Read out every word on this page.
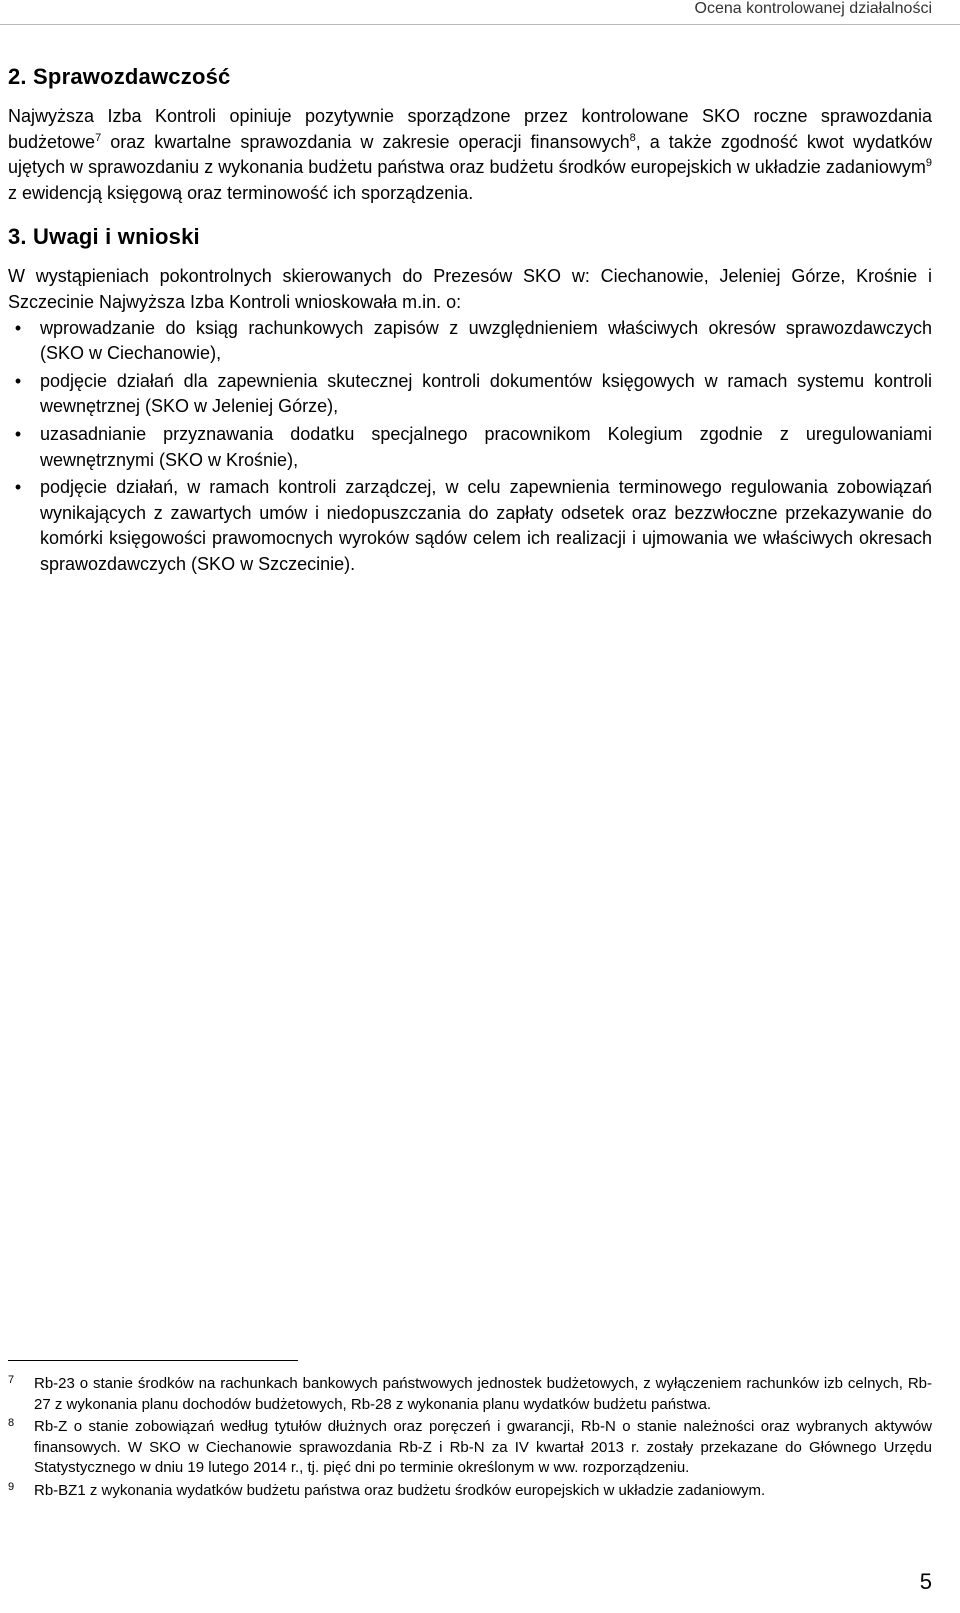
Ocena kontrolowanej działalności
2. Sprawozdawczość

Najwyższa Izba Kontroli opiniuje pozytywnie sporządzone przez kontrolowane SKO roczne sprawozdania budżetowe$^7$ oraz kwartalne sprawozdania w zakresie operacji finansowych$^8$, a także zgodność kwot wydatków ujętych w sprawozdaniu z wykonania budżetu państwa oraz budżetu środków europejskich w układzie zadaniowym$^9$ z ewidencją księgową oraz terminowość ich sporządzenia.

3. Uwagi i wnioski

W wystąpieniach pokontrolnych skierowanych do Prezesów SKO w: Ciechanowie, Jeleniej Górze, Krośnie i Szczecinie Najwyższa Izba Kontroli wnioskowała m.in. o:

•	wprowadzanie do ksiąg rachunkowych zapisów z uwzględnieniem właściwych okresów sprawozdawczych (SKO w Ciechanowie),
•	podjęcie działań dla zapewnienia skutecznej kontroli dokumentów księgowych w ramach systemu kontroli wewnętrznej (SKO w Jeleniej Górze),
•	uzasadnianie przyznawania dodatku specjalnego pracownikom Kolegium zgodnie z uregulowaniami wewnętrznymi (SKO w Krośnie),
•	podjęcie działań, w ramach kontroli zarządczej, w celu zapewnienia terminowego regulowania zobowiązań wynikających z zawartych umów i niedopuszczania do zapłaty odsetek oraz bezzwłoczne przekazywanie do komórki księgowości prawomocnych wyroków sądów celem ich realizacji i ujmowania we właściwych okresach sprawozdawczych (SKO w Szczecinie).
7 Rb-23 o stanie środków na rachunkach bankowych państwowych jednostek budżetowych, z wyłączeniem rachunków izb celnych, Rb-27 z wykonania planu dochodów budżetowych, Rb-28 z wykonania planu wydatków budżetu państwa.
8 Rb-Z o stanie zobowiązań według tytułów dłużnych oraz poręczeń i gwarancji, Rb-N o stanie należności oraz wybranych aktywów finansowych. W SKO w Ciechanowie sprawozdania Rb-Z i Rb-N za IV kwartał 2013 r. zostały przekazane do Głównego Urzędu Statystycznego w dniu 19 lutego 2014 r., tj. pięć dni po terminie określonym w ww. rozporządzeniu.
9 Rb-BZ1 z wykonania wydatków budżetu państwa oraz budżetu środków europejskich w układzie zadaniowym.
5
